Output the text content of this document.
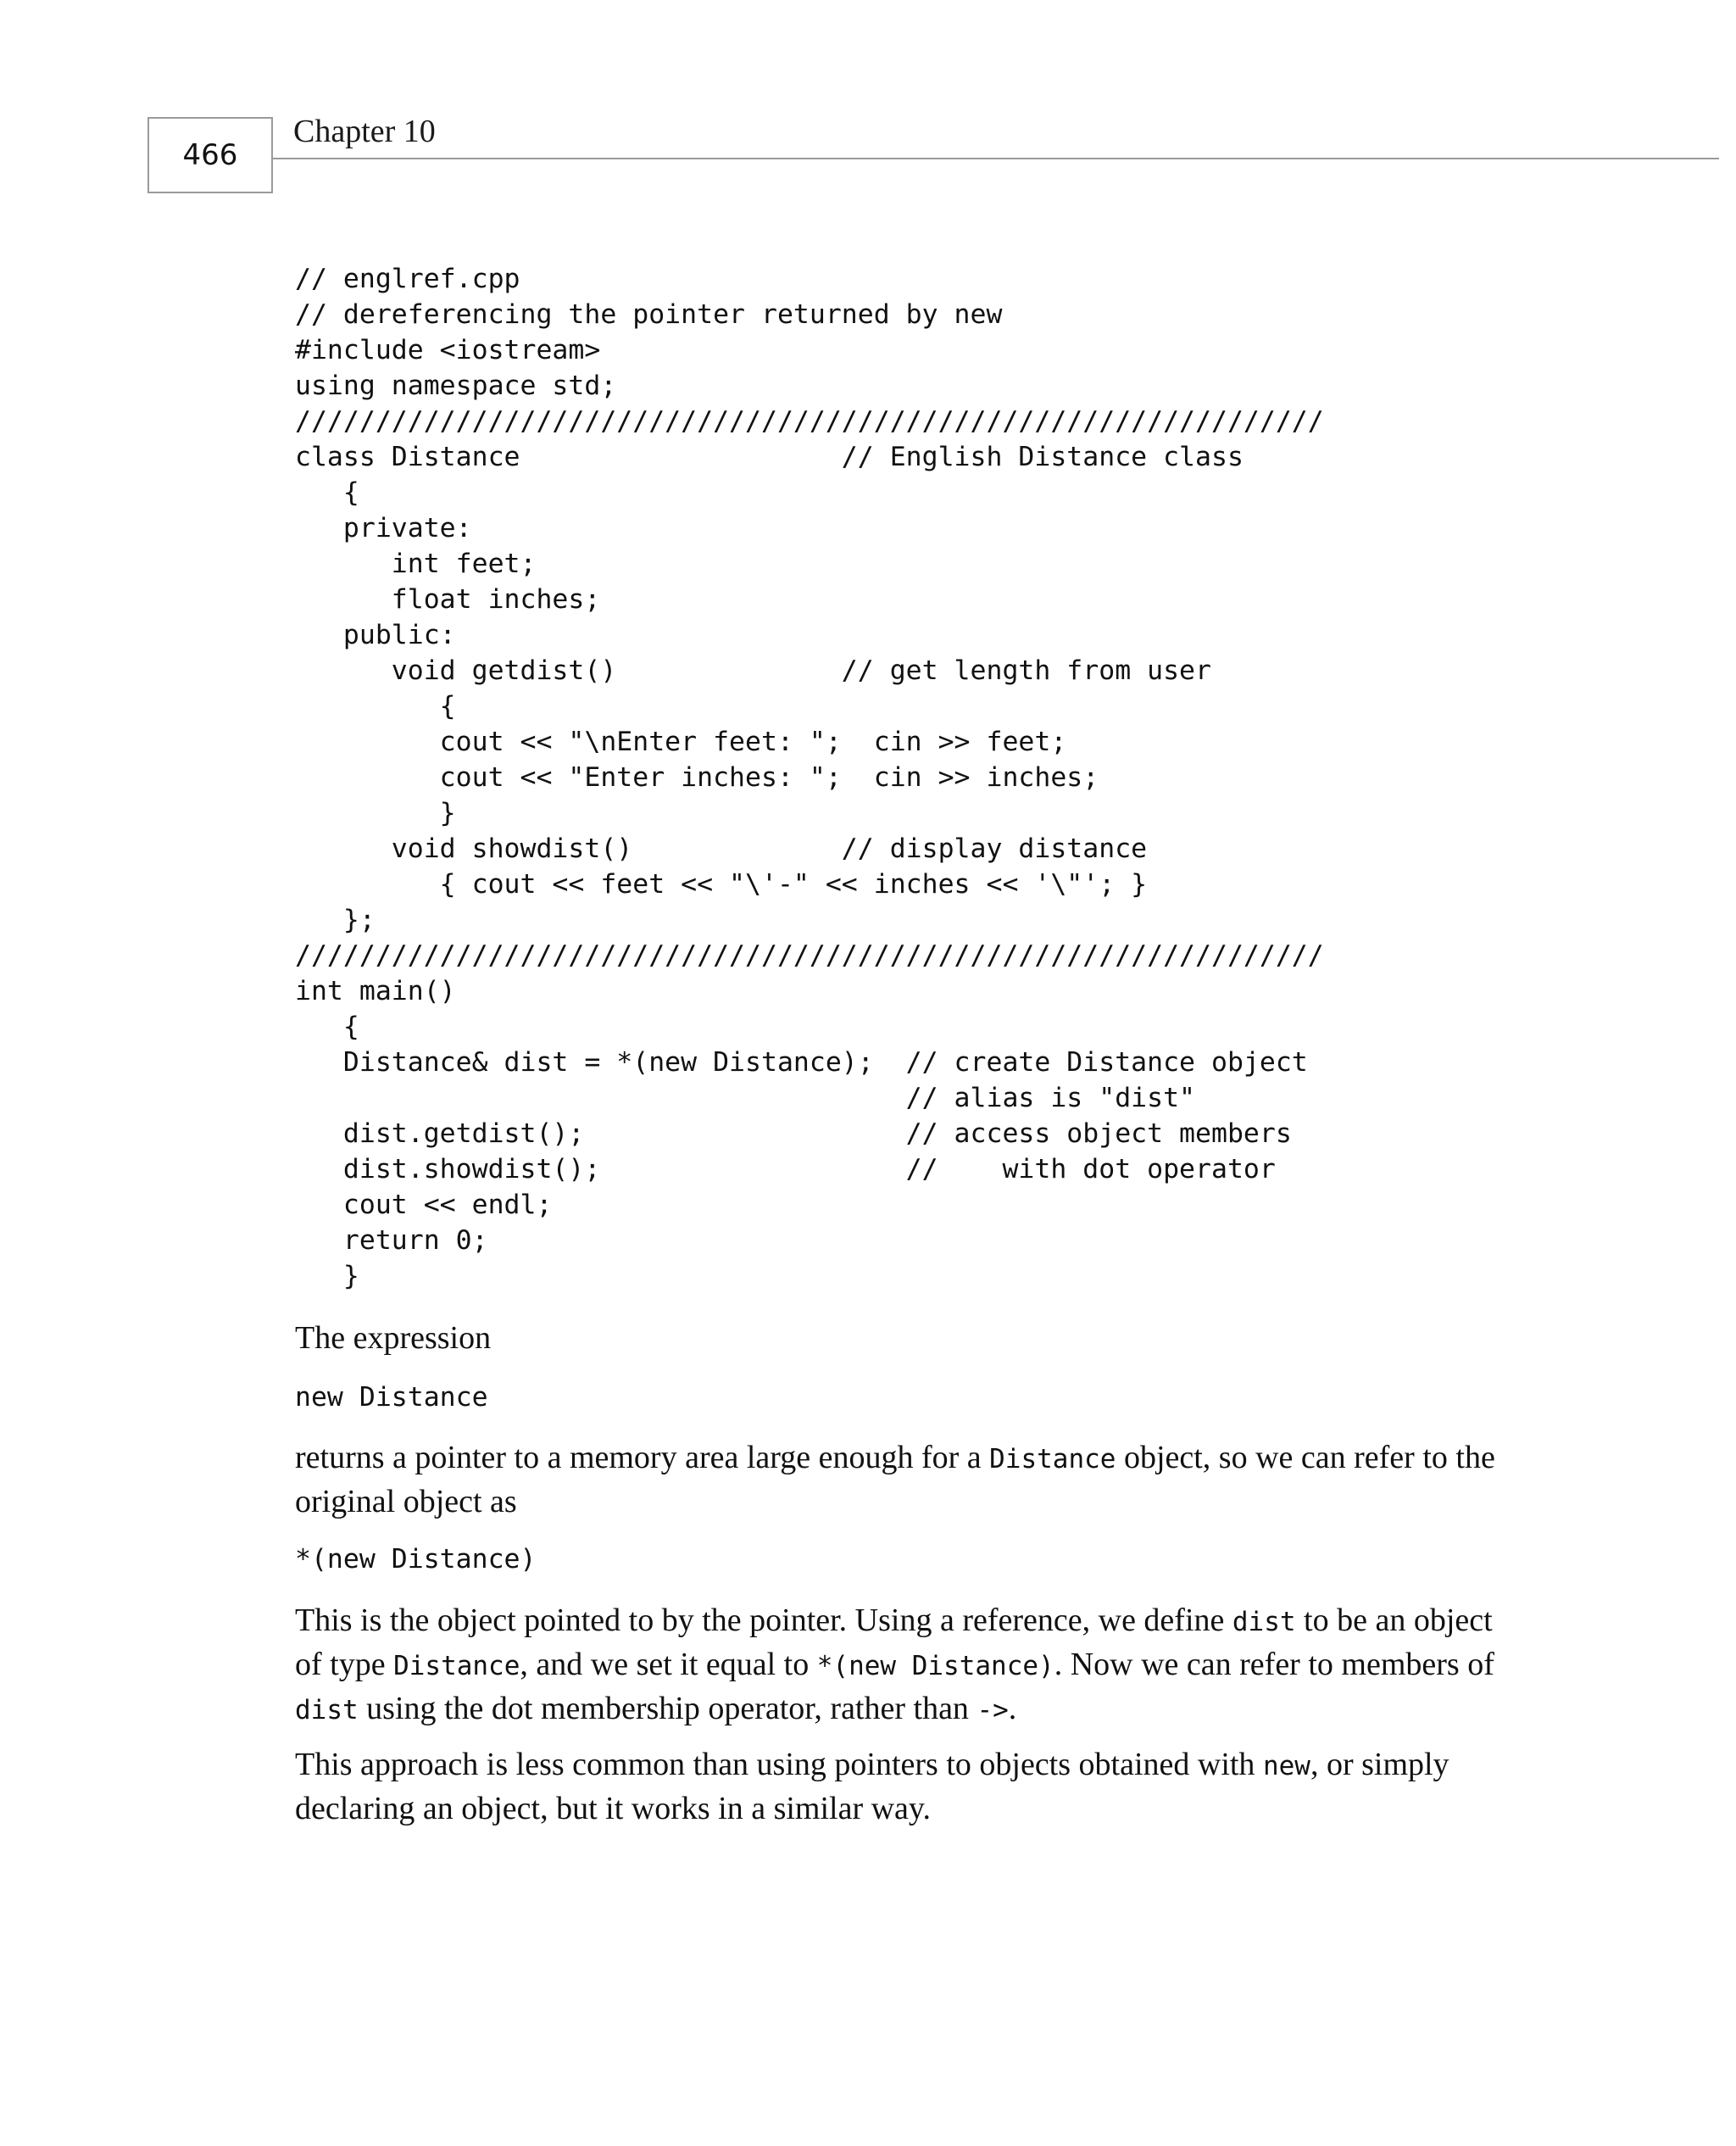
466
Chapter 10
// englref.cpp
// dereferencing the pointer returned by new
#include <iostream>
using namespace std;
////////////////////////////////////////////////////////////////
class Distance                    // English Distance class
{
private:
int feet;
float inches;
public:
void getdist()              // get length from user
{
cout << "\nEnter feet: ";  cin >> feet;
cout << "Enter inches: ";  cin >> inches;
}
void showdist()             // display distance
{ cout << feet << "\'-" << inches << '\"'; }
};
////////////////////////////////////////////////////////////////
int main()
{
Distance& dist = *(new Distance);  // create Distance object
// alias is "dist"
dist.getdist();                    // access object members
dist.showdist();                   //    with dot operator
cout << endl;
return 0;
}

The expression

new Distance

returns a pointer to a memory area large enough for a Distance object, so we can refer to the original object as

*(new Distance)

This is the object pointed to by the pointer. Using a reference, we define dist to be an object of type Distance, and we set it equal to *(new Distance). Now we can refer to members of dist using the dot membership operator, rather than ->.

This approach is less common than using pointers to objects obtained with new, or simply declaring an object, but it works in a similar way.
